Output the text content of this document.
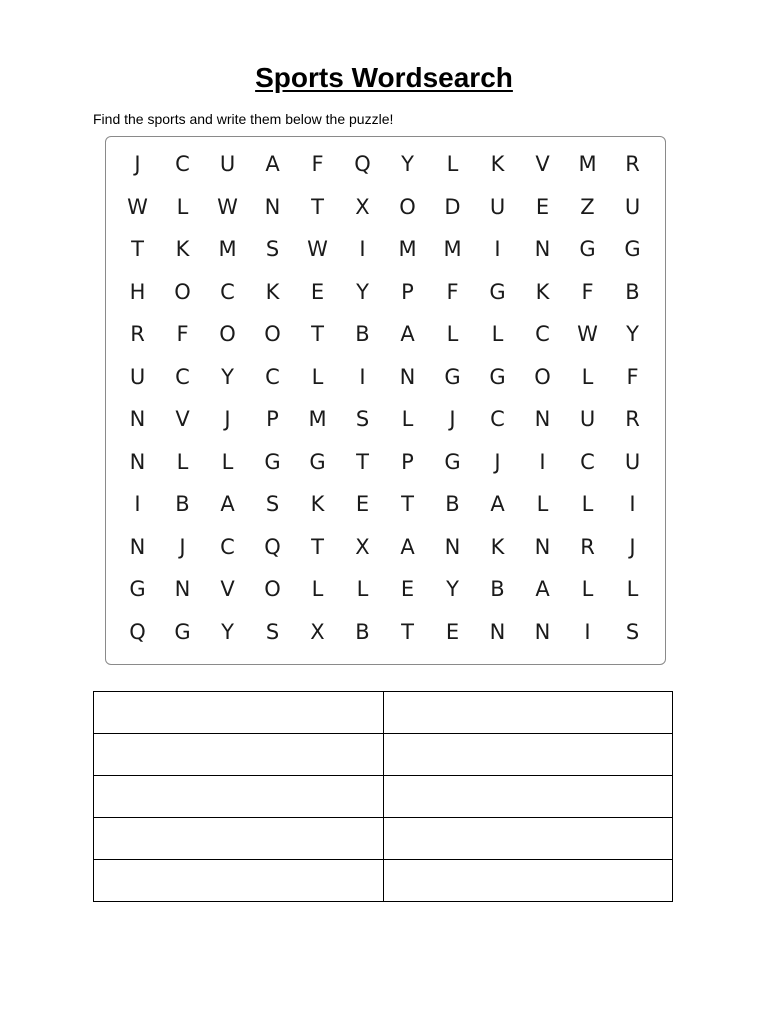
Sports Wordsearch
Find the sports and write them below the puzzle!
J	C	U	A	F	Q	Y	L	K	V	M	R
W	L	W	N	T	X	O	D	U	E	Z	U
T	K	M	S	W	I	M	M	I	N	G	G
H	O	C	K	E	Y	P	F	G	K	F	B
R	F	O	O	T	B	A	L	L	C	W	Y
U	C	Y	C	L	I	N	G	G	O	L	F
N	V	J	P	M	S	L	J	C	N	U	R
N	L	L	G	G	T	P	G	J	I	C	U
I	B	A	S	K	E	T	B	A	L	L	I
N	J	C	Q	T	X	A	N	K	N	R	J
G	N	V	O	L	L	E	Y	B	A	L	L
Q	G	Y	S	X	B	T	E	N	N	I	S
